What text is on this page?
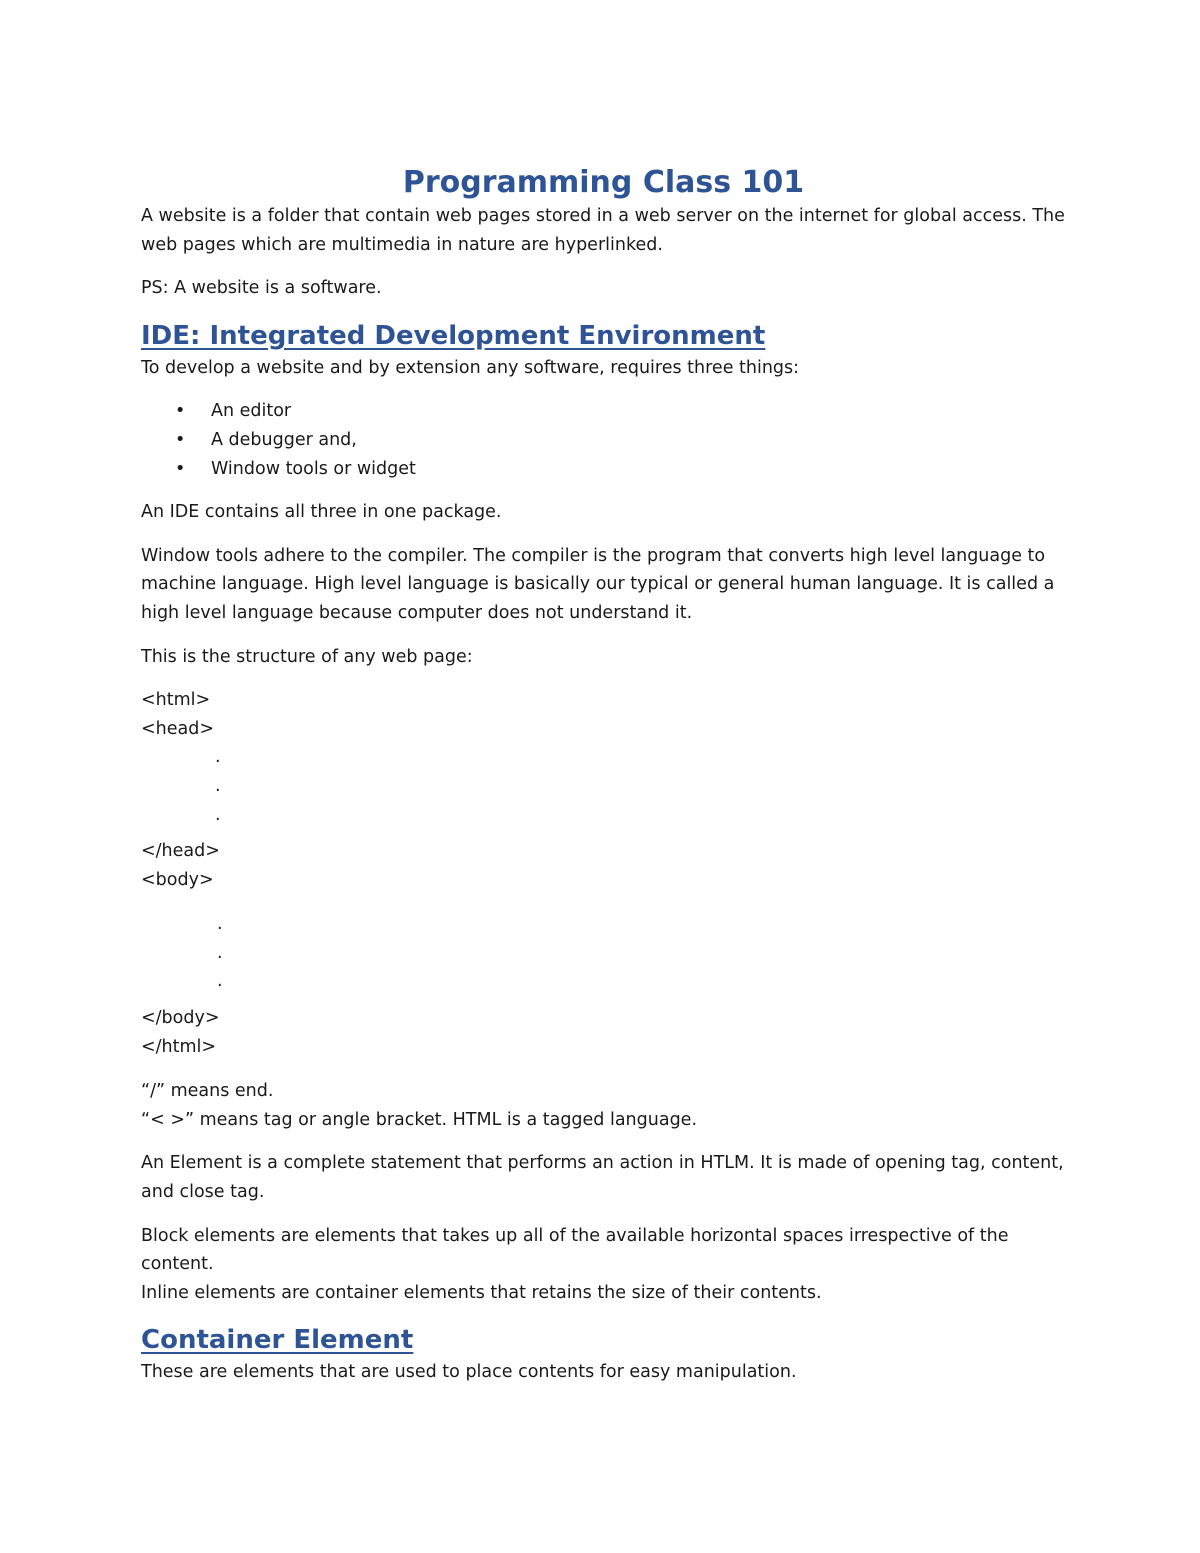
Programming Class 101

A website is a folder that contain web pages stored in a web server on the internet for global access. The web pages which are multimedia in nature are hyperlinked.

PS: A website is a software.

IDE: Integrated Development Environment

To develop a website and by extension any software, requires three things:

• An editor
• A debugger and,
• Window tools or widget

An IDE contains all three in one package.

Window tools adhere to the compiler. The compiler is the program that converts high level language to machine language. High level language is basically our typical or general human language. It is called a high level language because computer does not understand it.

This is the structure of any web page:

<html>
<head>
.
.
.
</head>
<body>
.
.
.
</body>
</html>
“/” means end.

“< >” means tag or angle bracket. HTML is a tagged language.

An Element is a complete statement that performs an action in HTLM. It is made of opening tag, content, and close tag.

Block elements are elements that takes up all of the available horizontal spaces irrespective of the content.

Inline elements are container elements that retains the size of their contents.

Container Element

These are elements that are used to place contents for easy manipulation.
